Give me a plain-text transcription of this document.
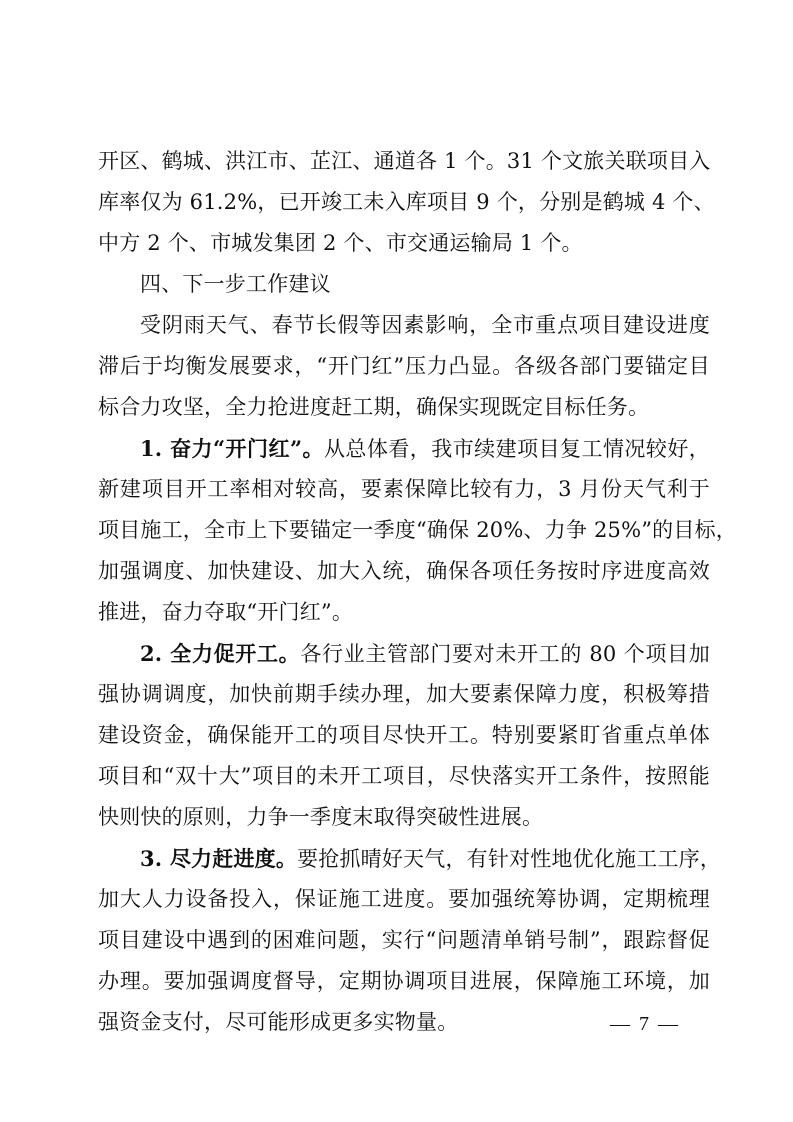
开区、鹤城、洪江市、芷江、通道各 1 个。31 个文旅关联项目入
库率仅为 61.2%，已开竣工未入库项目 9 个，分别是鹤城 4 个、
中方 2 个、市城发集团 2 个、市交通运输局 1 个。
四、下一步工作建议
受阴雨天气、春节长假等因素影响，全市重点项目建设进度
滞后于均衡发展要求，“开门红”压力凸显。各级各部门要锚定目
标合力攻坚，全力抢进度赶工期，确保实现既定目标任务。
1. 奋力“开门红”。从总体看，我市续建项目复工情况较好，
新建项目开工率相对较高，要素保障比较有力，3 月份天气利于
项目施工，全市上下要锚定一季度“确保 20%、力争 25%”的目标，
加强调度、加快建设、加大入统，确保各项任务按时序进度高效
推进，奋力夺取“开门红”。
2. 全力促开工。各行业主管部门要对未开工的 80 个项目加
强协调调度，加快前期手续办理，加大要素保障力度，积极筹措
建设资金，确保能开工的项目尽快开工。特别要紧盯省重点单体
项目和“双十大”项目的未开工项目，尽快落实开工条件，按照能
快则快的原则，力争一季度末取得突破性进展。
3. 尽力赶进度。要抢抓晴好天气，有针对性地优化施工工序，
加大人力设备投入，保证施工进度。要加强统筹协调，定期梳理
项目建设中遇到的困难问题，实行“问题清单销号制”，跟踪督促
办理。要加强调度督导，定期协调项目进展，保障施工环境，加
强资金支付，尽可能形成更多实物量。	— 7 —
